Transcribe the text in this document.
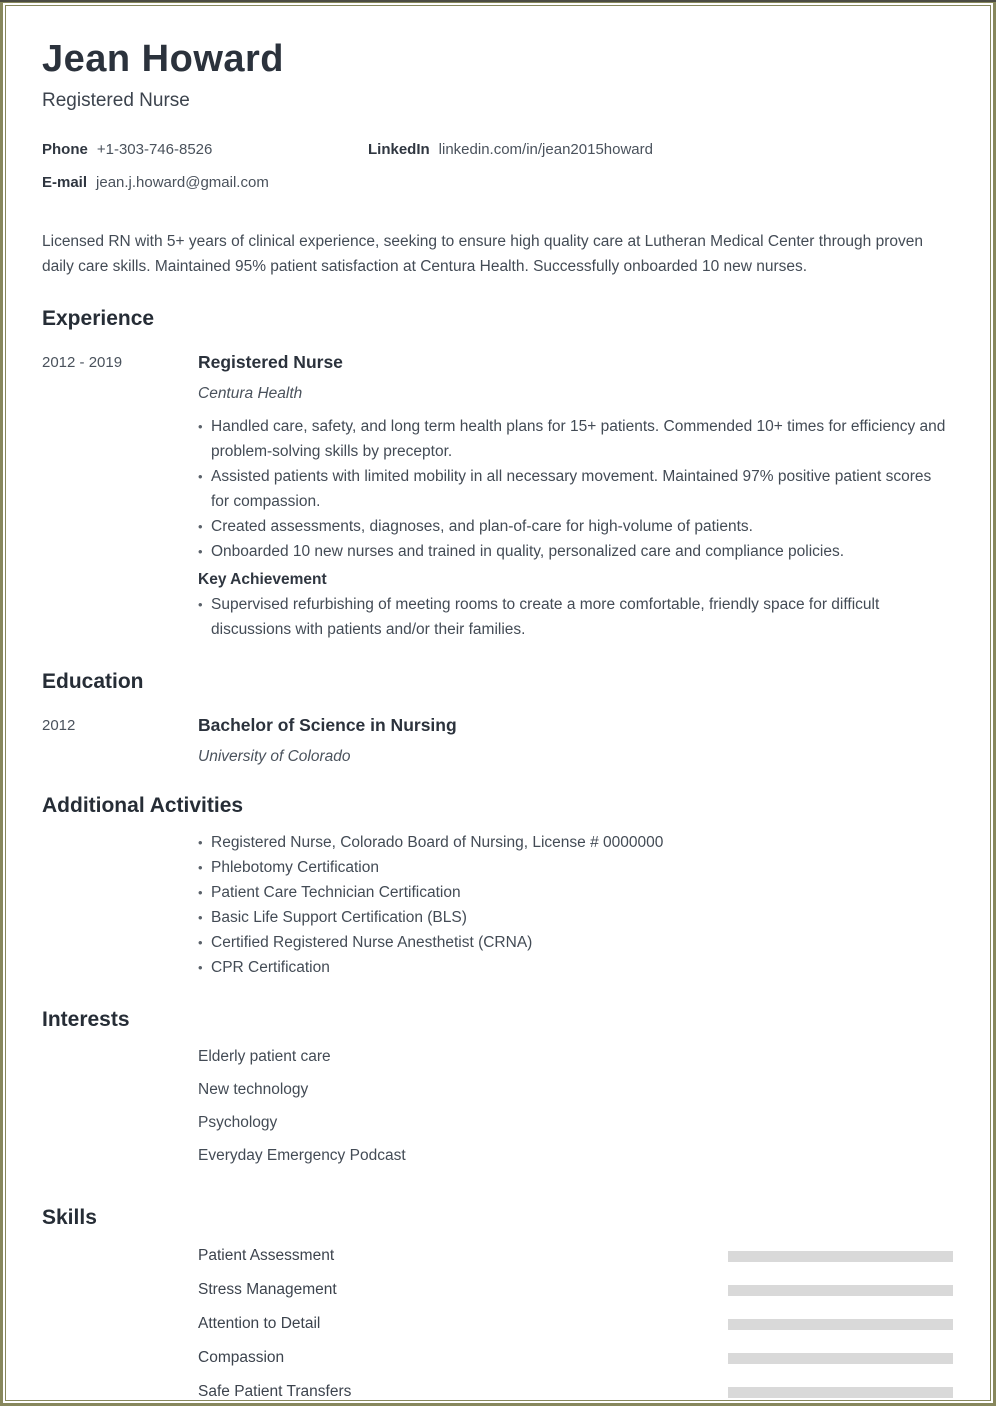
Jean Howard

Registered Nurse

Phone +1-303-746-8526	LinkedIn linkedin.com/in/jean2015howard
E-mail jean.j.howard@gmail.com

Licensed RN with 5+ years of clinical experience, seeking to ensure high quality care at Lutheran Medical Center through proven daily care skills. Maintained 95% patient satisfaction at Centura Health. Successfully onboarded 10 new nurses.

Experience
2012 - 2019	Registered Nurse

Centura Health

• Handled care, safety, and long term health plans for 15+ patients. Commended 10+ times for efficiency and problem-solving skills by preceptor.
• Assisted patients with limited mobility in all necessary movement. Maintained 97% positive patient scores for compassion.
• Created assessments, diagnoses, and plan-of-care for high-volume of patients.
• Onboarded 10 new nurses and trained in quality, personalized care and compliance policies.

Key Achievement

• Supervised refurbishing of meeting rooms to create a more comfortable, friendly space for difficult discussions with patients and/or their families.
Education
2012	Bachelor of Science in Nursing

University of Colorado

Additional Activities
• Registered Nurse, Colorado Board of Nursing, License # 0000000
• Phlebotomy Certification
• Patient Care Technician Certification
• Basic Life Support Certification (BLS)
• Certified Registered Nurse Anesthetist (CRNA)
• CPR Certification
Interests
Elderly patient care
New technology
Psychology
Everyday Emergency Podcast
Skills
Patient Assessment
Stress Management
Attention to Detail
Compassion
Safe Patient Transfers
